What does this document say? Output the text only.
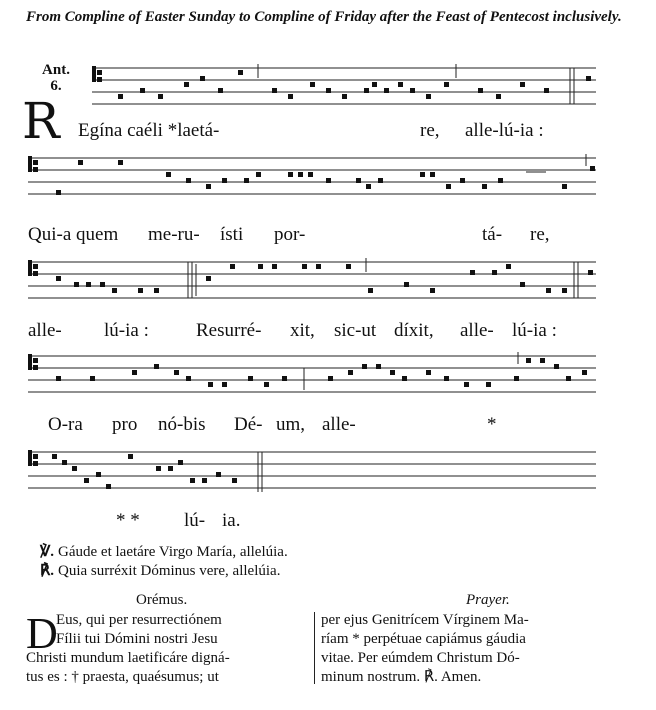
From Compline of Easter Sunday to Compline of Friday after the Feast of Pentecost inclusively.
Ant.
6.
R Egína caéli *laetá-	re, alle-lú-ia :
Qui-a quem me-ru- ísti por-	tá- re,
alle- lú-ia : Resurré- xit, sic-ut díxit, alle- lú-ia :
O-ra pro nó-bis Dé- um, alle-	*
* * lú- ia.
℣. Gáude et laetáre Virgo María, allelúia.
℟. Quia surréxit Dóminus vere, allelúia.
Orémus.	Prayer.
D
Eus, qui per resurrectiónem
Fílii tui Dómini nostri Jesu
Christi mundum laetificáre digná-
tus es : † praesta, quaésumus; ut
per ejus Genitrícem Vírginem Ma-
ríam * perpétuae capiámus gáudia
vitae. Per eúmdem Christum Dó-
minum nostrum. ℟. Amen.
